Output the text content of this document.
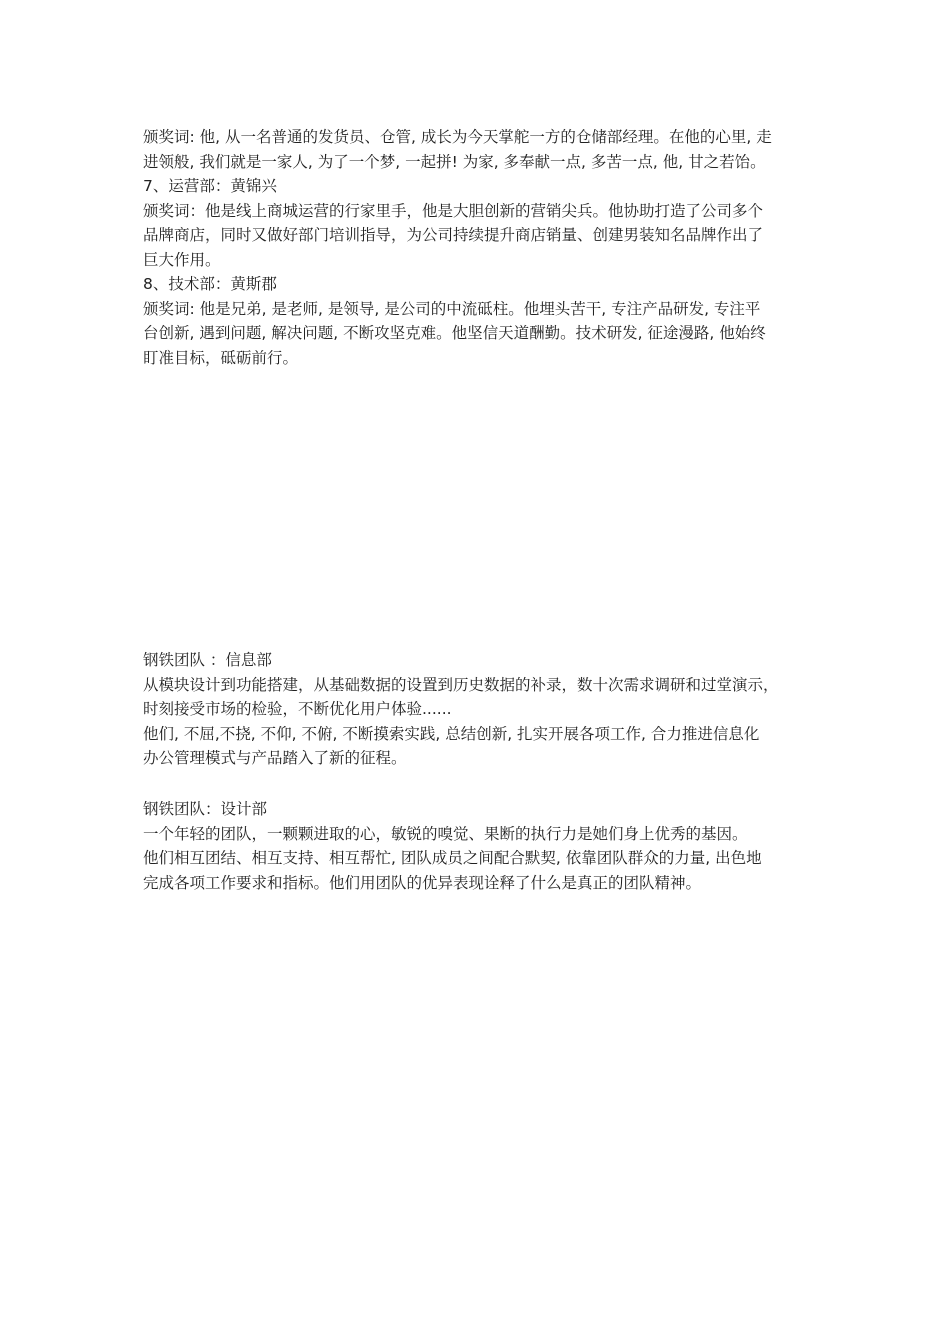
颁奖词: 他, 从一名普通的发货员、仓管, 成长为今天掌舵一方的仓储部经理。在他的心里, 走

进领般, 我们就是一家人, 为了一个梦, 一起拼! 为家, 多奉献一点, 多苦一点, 他, 甘之若饴。

7、运营部：黄锦兴

颁奖词：他是线上商城运营的行家里手，他是大胆创新的营销尖兵。他协助打造了公司多个

品牌商店，同时又做好部门培训指导，为公司持续提升商店销量、创建男装知名品牌作出了

巨大作用。

8、技术部：黄斯郡

颁奖词: 他是兄弟, 是老师, 是领导, 是公司的中流砥柱。他埋头苦干, 专注产品研发, 专注平

台创新, 遇到问题, 解决问题, 不断攻坚克难。他坚信天道酬勤。技术研发, 征途漫路, 他始终

盯准目标，砥砺前行。

钢铁团队 ：信息部

从模块设计到功能搭建，从基础数据的设置到历史数据的补录，数十次需求调研和过堂演示，

时刻接受市场的检验，不断优化用户体验......

他们, 不屈,不挠, 不仰, 不俯, 不断摸索实践, 总结创新, 扎实开展各项工作, 合力推进信息化

办公管理模式与产品踏入了新的征程。

钢铁团队：设计部

一个年轻的团队，一颗颗进取的心，敏锐的嗅觉、果断的执行力是她们身上优秀的基因。

他们相互团结、相互支持、相互帮忙, 团队成员之间配合默契, 依靠团队群众的力量, 出色地

完成各项工作要求和指标。他们用团队的优异表现诠释了什么是真正的团队精神。
